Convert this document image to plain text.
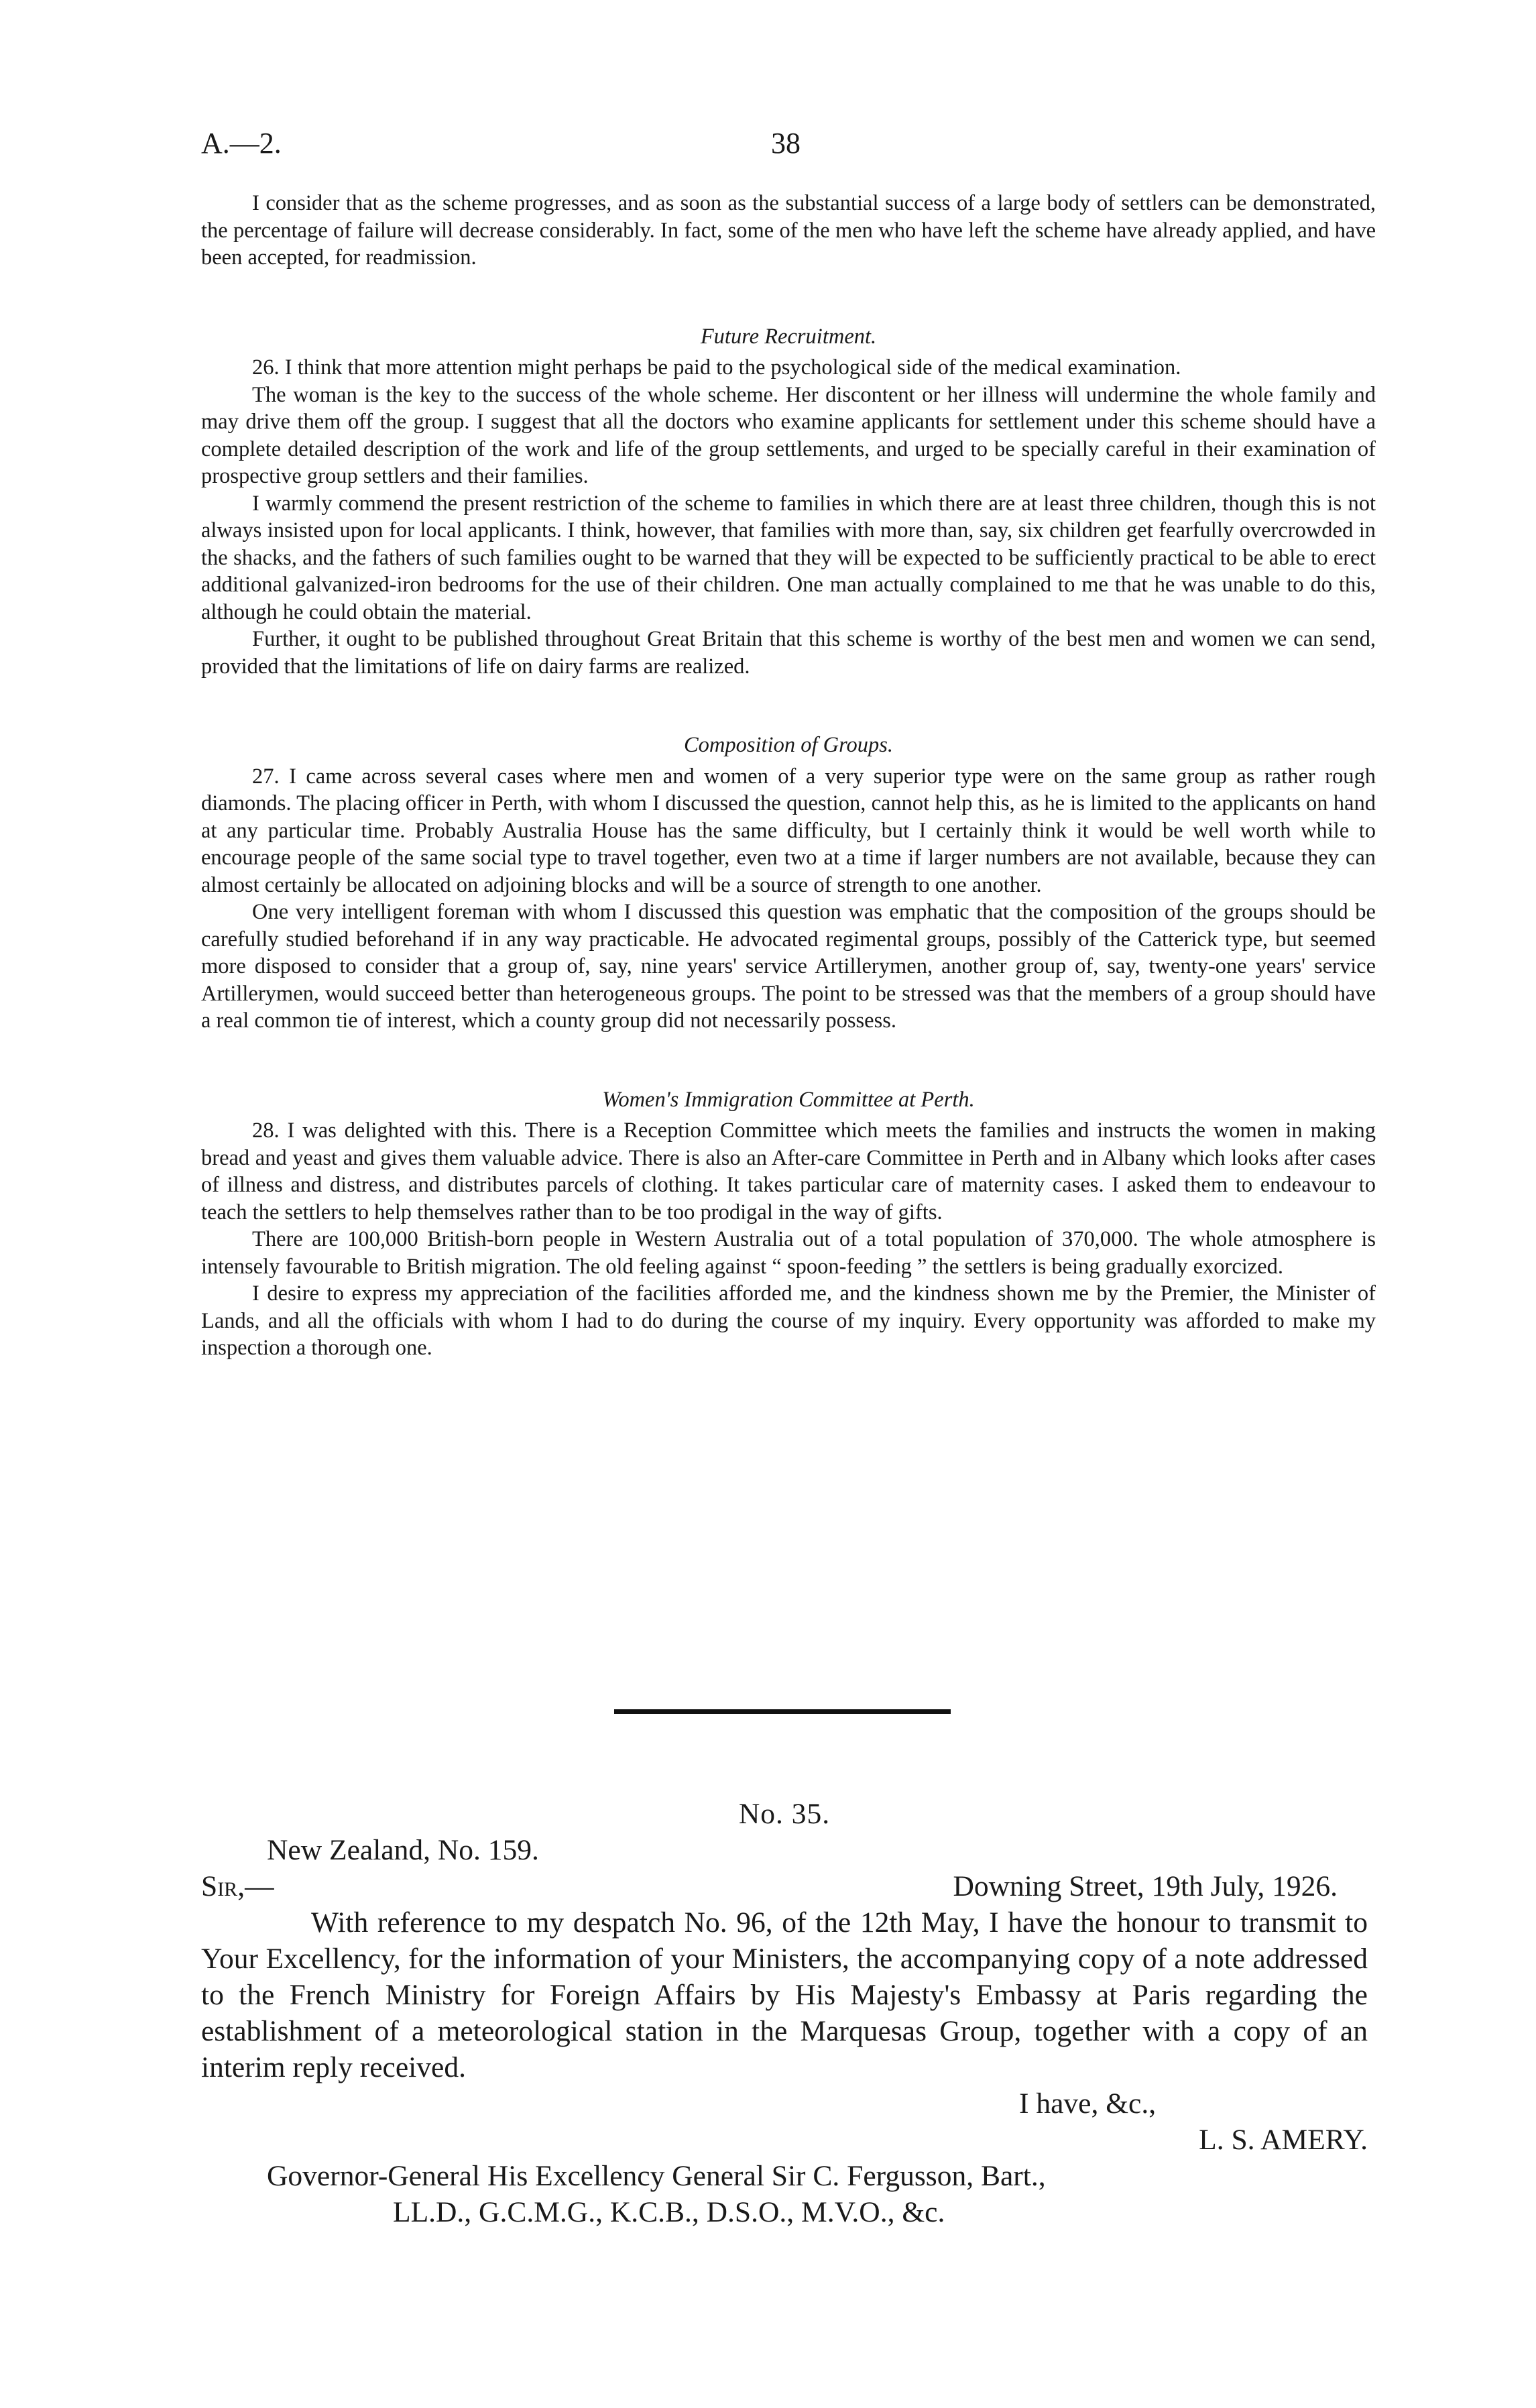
A.—2.	38

I consider that as the scheme progresses, and as soon as the substantial success of a large body of settlers can be demonstrated, the percentage of failure will decrease considerably. In fact, some of the men who have left the scheme have already applied, and have been accepted, for readmission.

Future Recruitment.

26. I think that more attention might perhaps be paid to the psychological side of the medical examination.

The woman is the key to the success of the whole scheme. Her discontent or her illness will undermine the whole family and may drive them off the group. I suggest that all the doctors who examine applicants for settlement under this scheme should have a complete detailed description of the work and life of the group settlements, and urged to be specially careful in their examination of prospective group settlers and their families.

I warmly commend the present restriction of the scheme to families in which there are at least three children, though this is not always insisted upon for local applicants. I think, however, that families with more than, say, six children get fearfully overcrowded in the shacks, and the fathers of such families ought to be warned that they will be expected to be sufficiently practical to be able to erect additional galvanized-iron bedrooms for the use of their children. One man actually complained to me that he was unable to do this, although he could obtain the material.

Further, it ought to be published throughout Great Britain that this scheme is worthy of the best men and women we can send, provided that the limitations of life on dairy farms are realized.

Composition of Groups.

27. I came across several cases where men and women of a very superior type were on the same group as rather rough diamonds. The placing officer in Perth, with whom I discussed the question, cannot help this, as he is limited to the applicants on hand at any particular time. Probably Australia House has the same difficulty, but I certainly think it would be well worth while to encourage people of the same social type to travel together, even two at a time if larger numbers are not available, because they can almost certainly be allocated on adjoining blocks and will be a source of strength to one another.

One very intelligent foreman with whom I discussed this question was emphatic that the composition of the groups should be carefully studied beforehand if in any way practicable. He advocated regimental groups, possibly of the Catterick type, but seemed more disposed to consider that a group of, say, nine years' service Artillerymen, another group of, say, twenty-one years' service Artillerymen, would succeed better than heterogeneous groups. The point to be stressed was that the members of a group should have a real common tie of interest, which a county group did not necessarily possess.

Women's Immigration Committee at Perth.

28. I was delighted with this. There is a Reception Committee which meets the families and instructs the women in making bread and yeast and gives them valuable advice. There is also an After-care Committee in Perth and in Albany which looks after cases of illness and distress, and distributes parcels of clothing. It takes particular care of maternity cases. I asked them to endeavour to teach the settlers to help themselves rather than to be too prodigal in the way of gifts.

There are 100,000 British-born people in Western Australia out of a total population of 370,000. The whole atmosphere is intensely favourable to British migration. The old feeling against “ spoon-feeding ” the settlers is being gradually exorcized.

I desire to express my appreciation of the facilities afforded me, and the kindness shown me by the Premier, the Minister of Lands, and all the officials with whom I had to do during the course of my inquiry. Every opportunity was afforded to make my inspection a thorough one.

No. 35.
New Zealand, No. 159.
Sir,—	Downing Street, 19th July, 1926.

With reference to my despatch No. 96, of the 12th May, I have the honour to transmit to Your Excellency, for the information of your Ministers, the accompanying copy of a note addressed to the French Ministry for Foreign Affairs by His Majesty's Embassy at Paris regarding the establishment of a meteorological station in the Marquesas Group, together with a copy of an interim reply received.

I have, &c.,
L. S. AMERY.
Governor-General His Excellency General Sir C. Fergusson, Bart.,
LL.D., G.C.M.G., K.C.B., D.S.O., M.V.O., &c.
